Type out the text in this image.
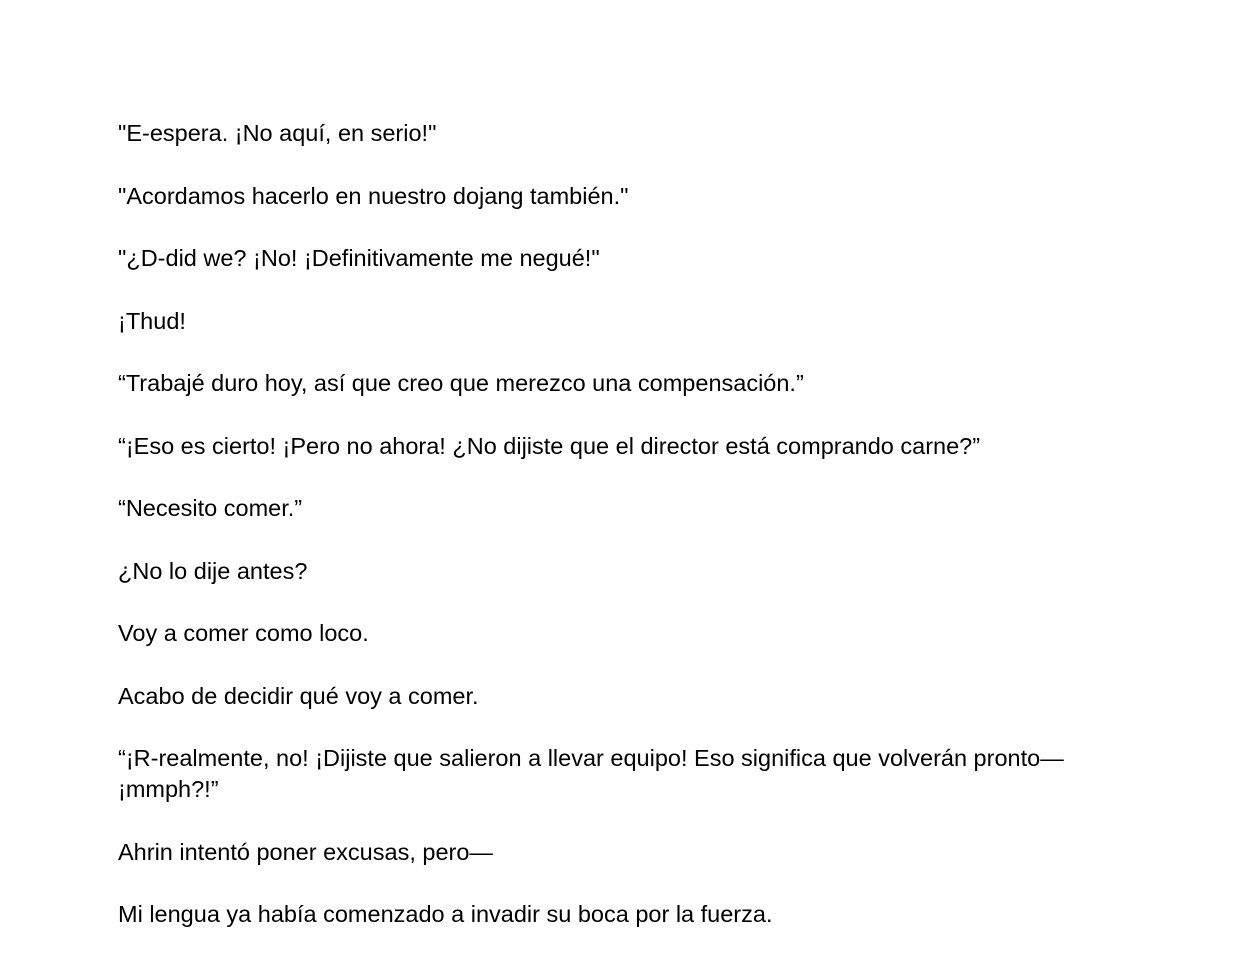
"E-espera. ¡No aquí, en serio!"

"Acordamos hacerlo en nuestro dojang también."

"¿D-did we? ¡No! ¡Definitivamente me negué!"

¡Thud!

“Trabajé duro hoy, así que creo que merezco una compensación.”

“¡Eso es cierto! ¡Pero no ahora! ¿No dijiste que el director está comprando carne?”

“Necesito comer.”

¿No lo dije antes?

Voy a comer como loco.

Acabo de decidir qué voy a comer.

“¡R-realmente, no! ¡Dijiste que salieron a llevar equipo! Eso significa que volverán pronto— ¡mmph?!”

Ahrin intentó poner excusas, pero—

Mi lengua ya había comenzado a invadir su boca por la fuerza.
